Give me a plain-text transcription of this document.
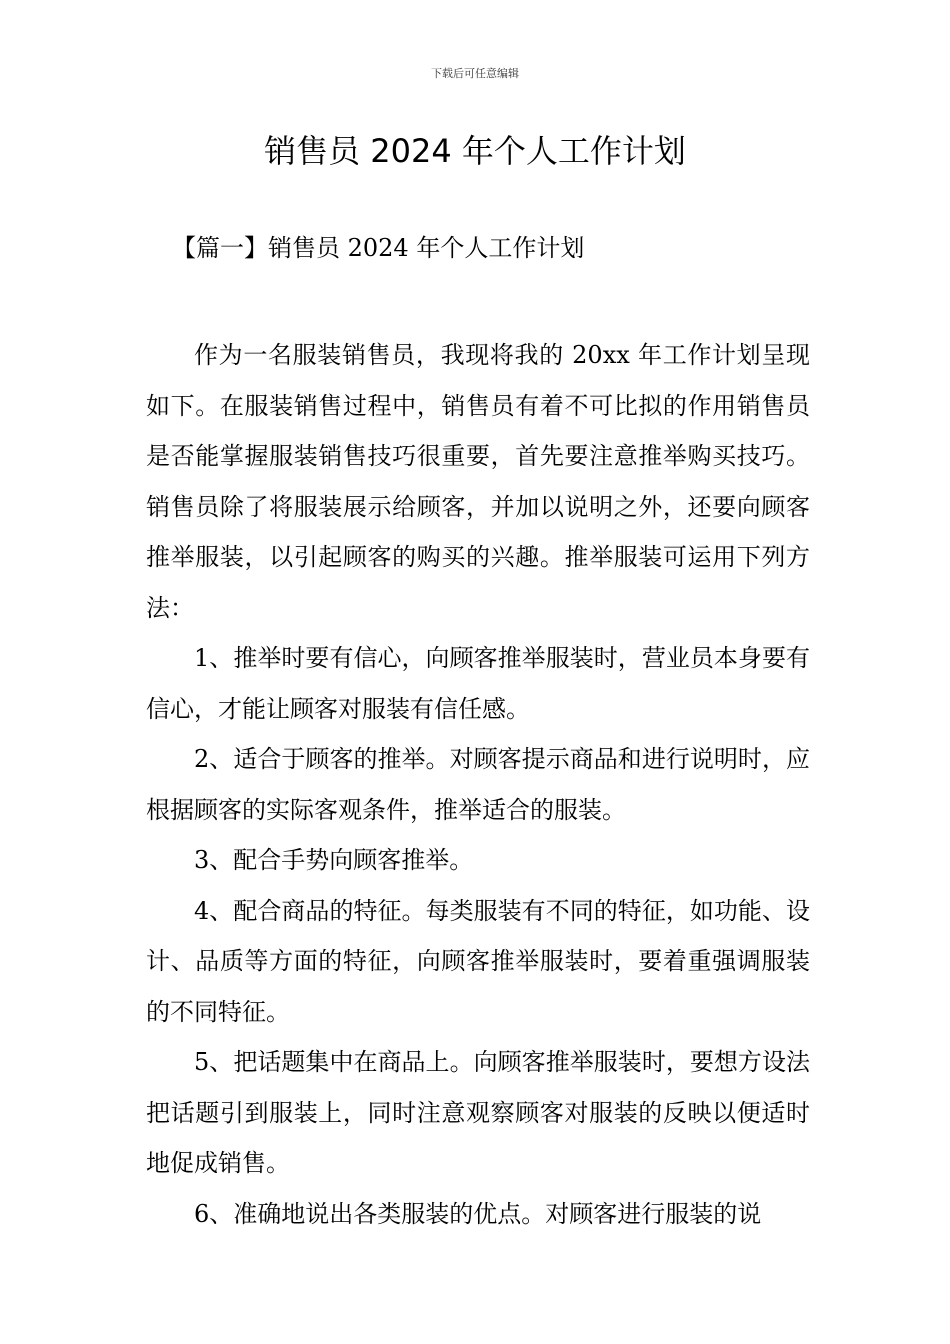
下载后可任意编辑
销售员 2024 年个人工作计划
【篇一】销售员 2024 年个人工作计划

作为一名服装销售员，我现将我的 20xx 年工作计划呈现如下。在服装销售过程中，销售员有着不可比拟的作用销售员是否能掌握服装销售技巧很重要，首先要注意推举购买技巧。销售员除了将服装展示给顾客，并加以说明之外，还要向顾客推举服装，以引起顾客的购买的兴趣。推举服装可运用下列方法：

1、推举时要有信心，向顾客推举服装时，营业员本身要有信心，才能让顾客对服装有信任感。

2、适合于顾客的推举。对顾客提示商品和进行说明时，应根据顾客的实际客观条件，推举适合的服装。

3、配合手势向顾客推举。

4、配合商品的特征。每类服装有不同的特征，如功能、设计、品质等方面的特征，向顾客推举服装时，要着重强调服装的不同特征。

5、把话题集中在商品上。向顾客推举服装时，要想方设法把话题引到服装上，同时注意观察顾客对服装的反映以便适时地促成销售。

6、准确地说出各类服装的优点。对顾客进行服装的说
